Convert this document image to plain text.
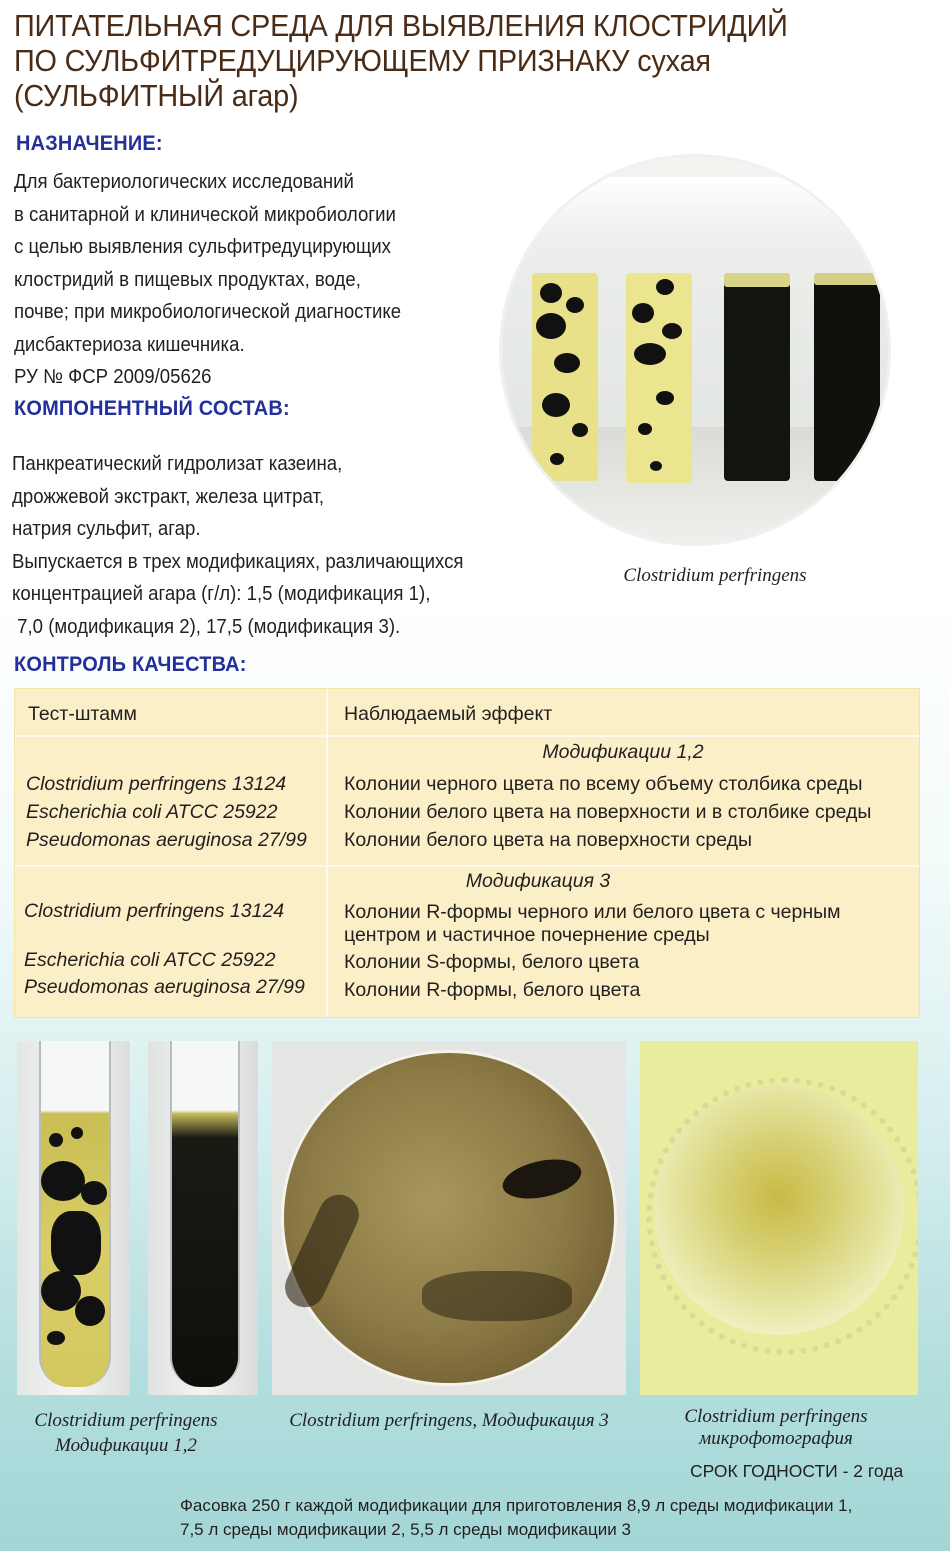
ПИТАТЕЛЬНАЯ СРЕДА ДЛЯ ВЫЯВЛЕНИЯ КЛОСТРИДИЙ
ПО СУЛЬФИТРЕДУЦИРУЮЩЕМУ ПРИЗНАКУ сухая
(СУЛЬФИТНЫЙ агар)
НАЗНАЧЕНИЕ:
Для бактериологических исследований
в санитарной и клинической микробиологии
с целью выявления сульфитредуцирующих
клостридий в пищевых продуктах, воде,
почве; при микробиологической диагностике
дисбактериоза кишечника.
РУ № ФСР 2009/05626
КОМПОНЕНТНЫЙ СОСТАВ:
Панкреатический гидролизат казеина,
дрожжевой экстракт, железа цитрат,
натрия сульфит, агар.
Выпускается в трех модификациях, различающихся
концентрацией агара (г/л): 1,5 (модификация 1),
7,0 (модификация 2), 17,5 (модификация 3).
Clostridium perfringens
КОНТРОЛЬ КАЧЕСТВА:
Тест-штамм	Наблюдаемый эффект
Модификации 1,2
Clostridium perfringens 13124	Колонии черного цвета по всему объему столбика среды
Escherichia coli ATCC 25922	Колонии белого цвета на поверхности и в столбике среды
Pseudomonas aeruginosa 27/99 Колонии белого цвета на поверхности среды
Модификация 3
Clostridium perfringens 13124	Колонии R-формы черного или белого цвета с черным
центром и частичное почернение среды
Escherichia coli ATCC 25922	Колонии S-формы, белого цвета
Pseudomonas aeruginosa 27/99 Колонии R-формы, белого цвета
Clostridium perfringens
Модификации 1,2
Clostridium perfringens, Модификация 3	Clostridium perfringens
микрофотография
СРОК ГОДНОСТИ - 2 года
Фасовка 250 г каждой модификации для приготовления 8,9 л среды модификации 1,
7,5 л среды модификации 2, 5,5 л среды модификации 3
